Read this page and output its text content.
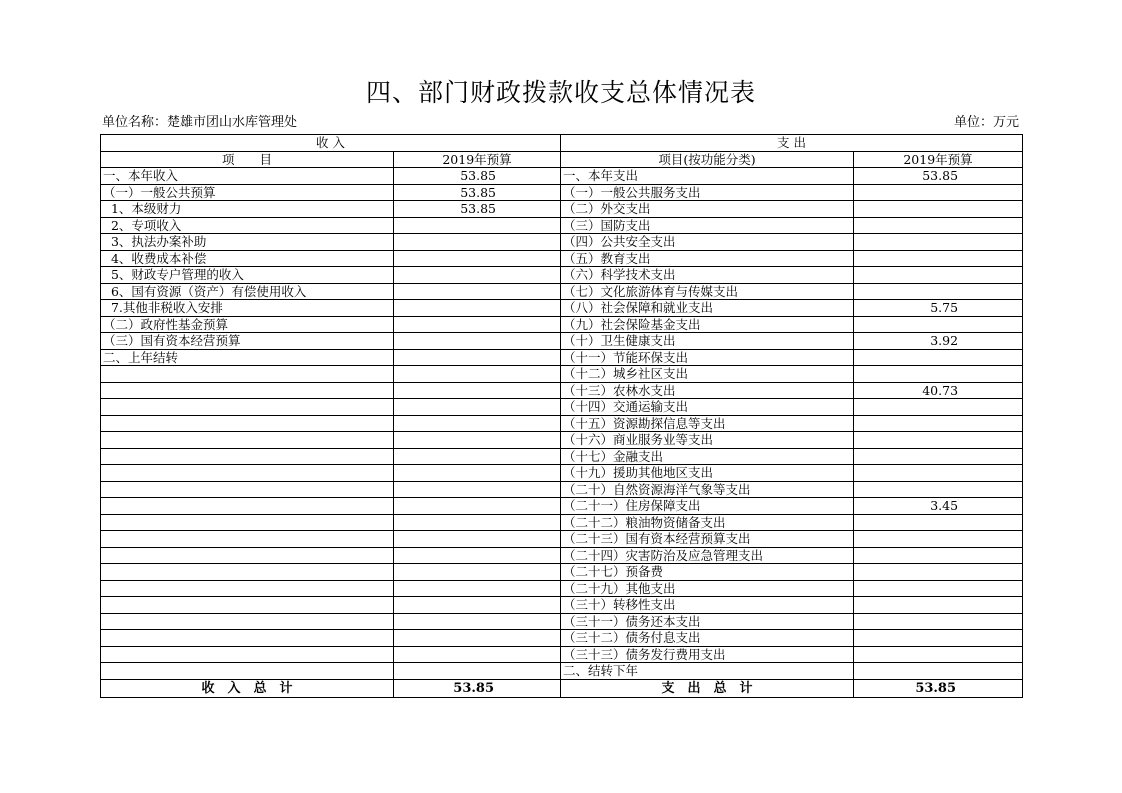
四、部门财政拨款收支总体情况表
单位名称：楚雄市团山水库管理处	单位：万元
收 入		支 出	
项　　目	2019年预算	项目(按功能分类)	2019年预算
一、本年收入	53.85	一、本年支出	53.85
（一）一般公共预算	53.85	（一）一般公共服务支出	
1、本级财力	53.85	（二）外交支出	
2、专项收入		（三）国防支出	
3、执法办案补助		（四）公共安全支出	
4、收费成本补偿		（五）教育支出	
5、财政专户管理的收入		（六）科学技术支出	
6、国有资源（资产）有偿使用收入		（七）文化旅游体育与传媒支出	
7.其他非税收入安排		（八）社会保障和就业支出	5.75
（二）政府性基金预算		（九）社会保险基金支出	
（三）国有资本经营预算		（十）卫生健康支出	3.92
二、上年结转		（十一）节能环保支出	
		（十二）城乡社区支出	
		（十三）农林水支出	40.73
		（十四）交通运输支出	
		（十五）资源勘探信息等支出	
		（十六）商业服务业等支出	
		（十七）金融支出	
		（十九）援助其他地区支出	
		（二十）自然资源海洋气象等支出	
		（二十一）住房保障支出	3.45
		（二十二）粮油物资储备支出	
		（二十三）国有资本经营预算支出	
		（二十四）灾害防治及应急管理支出	
		（二十七）预备费	
		（二十九）其他支出	
		（三十）转移性支出	
		（三十一）债务还本支出	
		（三十二）债务付息支出	
		（三十三）债务发行费用支出	
		二、结转下年	
收　入　总　计	53.85	支　出　总　计	53.85
